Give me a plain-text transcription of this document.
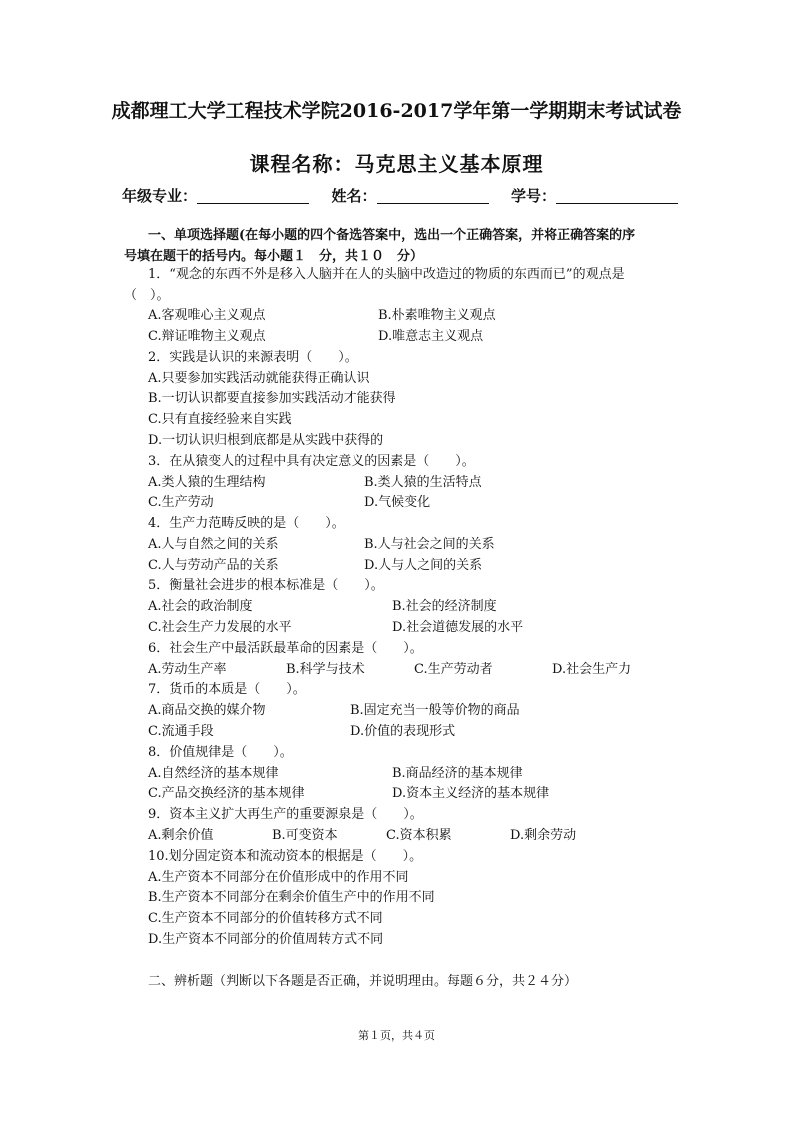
成都理工大学工程技术学院2016-2017学年第一学期期末考试试卷
课程名称：马克思主义基本原理
年级专业：	姓名：	学号：
一、单项选择题(在每小题的四个备选答案中，选出一个正确答案，并将正确答案的序
号填在题干的括号内。每小题１　分，共１０　分）
1．“观念的东西不外是移入人脑并在人的头脑中改造过的物质的东西而已”的观点是
（　）。
A.客观唯心主义观点	B.朴素唯物主义观点
C.辩证唯物主义观点	D.唯意志主义观点
2．实践是认识的来源表明（　　）。
A.只要参加实践活动就能获得正确认识
B.一切认识都要直接参加实践活动才能获得
C.只有直接经验来自实践
D.一切认识归根到底都是从实践中获得的
3．在从猿变人的过程中具有决定意义的因素是（　　）。
A.类人猿的生理结构	B.类人猿的生活特点
C.生产劳动	D.气候变化
4．生产力范畴反映的是（　　）。
A.人与自然之间的关系	B.人与社会之间的关系
C.人与劳动产品的关系	D.人与人之间的关系
5．衡量社会进步的根本标准是（　　）。
A.社会的政治制度	B.社会的经济制度
C.社会生产力发展的水平	D.社会道德发展的水平
6．社会生产中最活跃最革命的因素是（　　）。
A.劳动生产率	B.科学与技术	C.生产劳动者	D.社会生产力
7．货币的本质是（　　）。
A.商品交换的媒介物	B.固定充当一般等价物的商品
C.流通手段	D.价值的表现形式
8．价值规律是（　　）。
A.自然经济的基本规律	B.商品经济的基本规律
C.产品交换经济的基本规律	D.资本主义经济的基本规律
9．资本主义扩大再生产的重要源泉是（　　）。
A.剩余价值	B.可变资本	C.资本积累	D.剩余劳动
10.划分固定资本和流动资本的根据是（　　）。
A.生产资本不同部分在价值形成中的作用不同
B.生产资本不同部分在剩余价值生产中的作用不同
C.生产资本不同部分的价值转移方式不同
D.生产资本不同部分的价值周转方式不同
二、辨析题（判断以下各题是否正确，并说明理由。每题６分，共２４分）
第１页，共４页
